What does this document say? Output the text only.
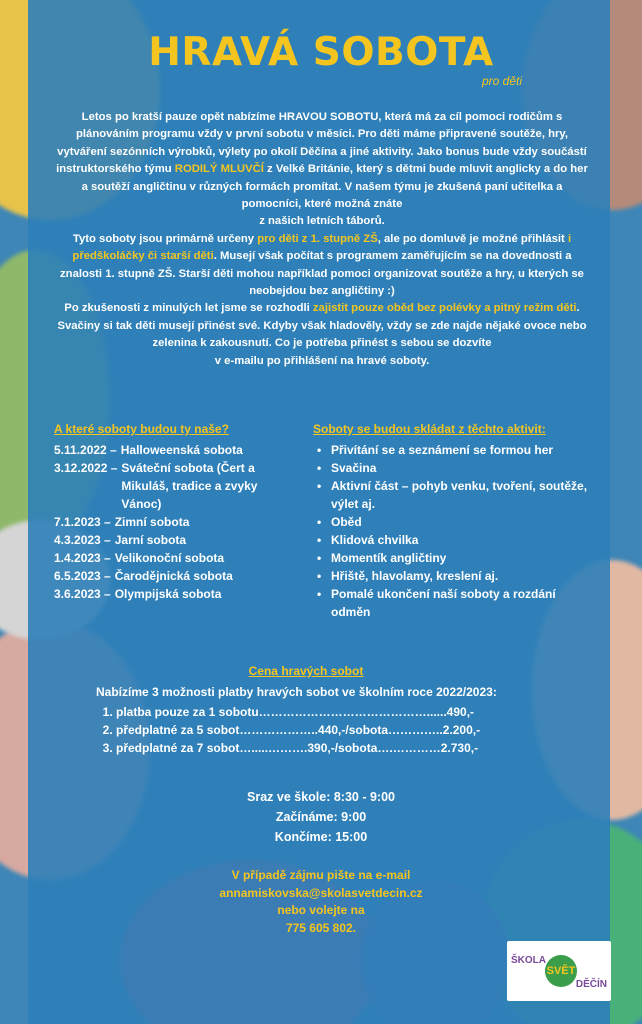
HRAVÁ SOBOTA
pro děti

Letos po kratší pauze opět nabízíme HRAVOU SOBOTU, která má za cíl pomoci rodičům s plánováním programu vždy v první sobotu v měsíci. Pro děti máme připravené soutěže, hry, vytváření sezónních výrobků, výlety po okolí Děčína a jiné aktivity. Jako bonus bude vždy součástí instruktorského týmu RODILÝ MLUVČÍ z Velké Británie, který s dětmi bude mluvit anglicky a do her a soutěží angličtinu v různých formách promítat. V našem týmu je zkušená paní učitelka a pomocníci, které možná znáte
z našich letních táborů.

Tyto soboty jsou primárně určeny pro děti z 1. stupně ZŠ, ale po domluvě je možné přihlásit i předškoláčky či starší děti. Musejí však počítat s programem zaměřujícím se na dovednosti a znalosti 1. stupně ZŠ. Starší děti mohou například pomoci organizovat soutěže a hry, u kterých se neobejdou bez angličtiny :)

Po zkušenosti z minulých let jsme se rozhodli zajistit pouze oběd bez polévky a pitný režim děti. Svačiny si tak děti musejí přinést své. Kdyby však hladověly, vždy se zde najde nějaké ovoce nebo zelenina k zakousnutí. Co je potřeba přinést s sebou se dozvíte
v e-mailu po přihlášení na hravé soboty.

A které soboty budou ty naše?
5.11.2022 – Halloweenská sobota
3.12.2022 – Sváteční sobota (Čert a Mikuláš, tradice a zvyky Vánoc)
7.1.2023 – Zimní sobota
4.3.2023 – Jarní sobota
1.4.2023 – Velikonoční sobota
6.5.2023 – Čarodějnická sobota
3.6.2023 – Olympijská sobota
Soboty se budou skládat z těchto aktivit:
• Přivítání se a seznámení se formou her
• Svačina
• Aktivní část – pohyb venku, tvoření, soutěže, výlet aj.
• Oběd
• Klidová chvilka
• Momentík angličtiny
• Hřiště, hlavolamy, kreslení aj.
• Pomalé ukončení naší soboty a rozdání odměn
Cena hravých sobot
Nabízíme 3 možnosti platby hravých sobot ve školním roce 2022/2023:
1. platba pouze za 1 sobotu……………………………………......490,-
2. předplatné za 5 sobot………………..440,-/sobota…………..2.200,-
3. předplatné za 7 sobot….....……….390,-/sobota….…………2.730,-
Sraz ve škole: 8:30 - 9:00
Začínáme: 9:00
Končíme: 15:00
V případě zájmu pište na e-mail
annamiskovska@skolasvetdecin.cz
nebo volejte na
775 605 802.
ŠKOLA
SVĚT
DĚČÍN
